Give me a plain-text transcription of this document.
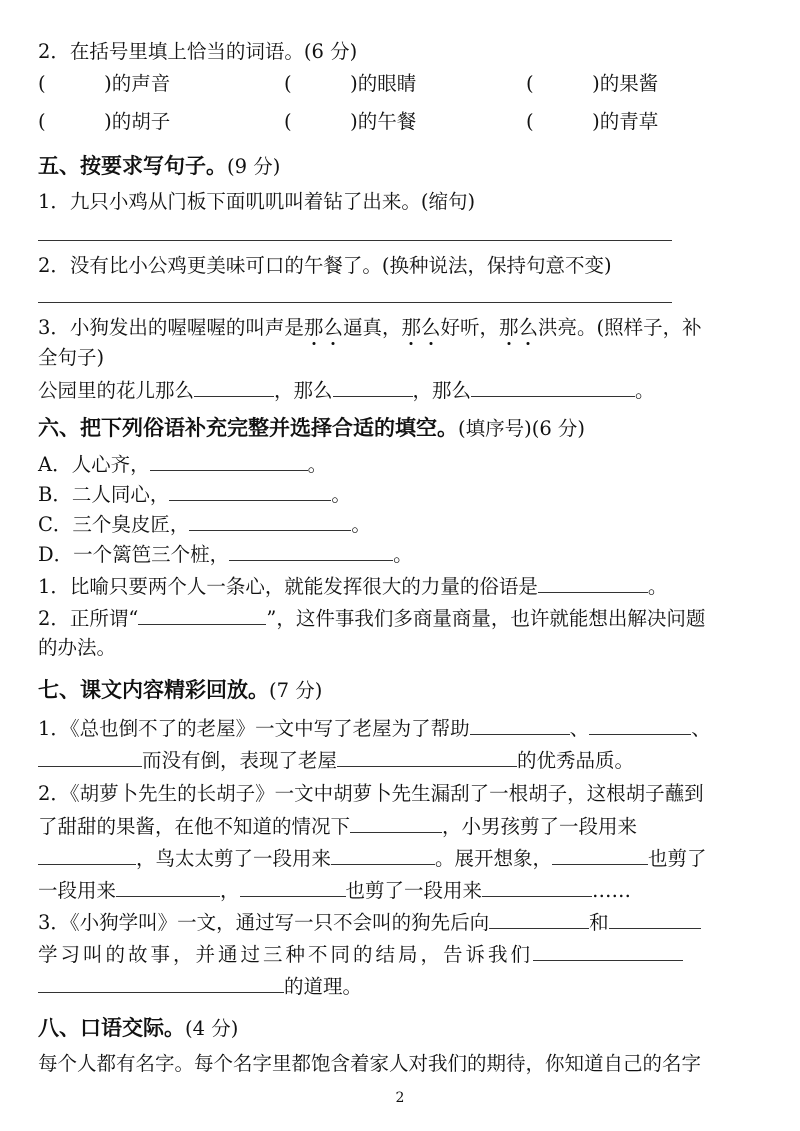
2．在括号里填上恰当的词语。(6 分)
(　　　)的声音	(　　　)的眼睛	(　　　)的果酱
(　　　)的胡子	(　　　)的午餐	(　　　)的青草
五、按要求写句子。(9 分)
1．九只小鸡从门板下面叽叽叫着钻了出来。(缩句)
2．没有比小公鸡更美味可口的午餐了。(换种说法，保持句意不变)
3．小狗发出的喔喔喔的叫声是那么逼真，那么好听，那么洪亮。(照样子，补
全句子)
公园里的花儿那么	，那么	，那么	。
六、把下列俗语补充完整并选择合适的填空。(填序号)(6 分)
A．人心齐，	。
B．二人同心，	。
C．三个臭皮匠，	。
D．一个篱笆三个桩，	。
1．比喻只要两个人一条心，就能发挥很大的力量的俗语是	。
2．正所谓“	”，这件事我们多商量商量，也许就能想出解决问题
的办法。
七、课文内容精彩回放。(7 分)
1．《总也倒不了的老屋》一文中写了老屋为了帮助	、	、
而没有倒，表现了老屋	的优秀品质。
2．《胡萝卜先生的长胡子》一文中胡萝卜先生漏刮了一根胡子，这根胡子蘸到
了甜甜的果酱，在他不知道的情况下	，小男孩剪了一段用来
，鸟太太剪了一段用来	。展开想象，	也剪了
一段用来	，	也剪了一段用来	……
3．《小狗学叫》一文，通过写一只不会叫的狗先后向	和
学习叫的故事，并通过三种不同的结局，告诉我们
的道理。
八、口语交际。(4 分)
每个人都有名字。每个名字里都饱含着家人对我们的期待，你知道自己的名字
2
